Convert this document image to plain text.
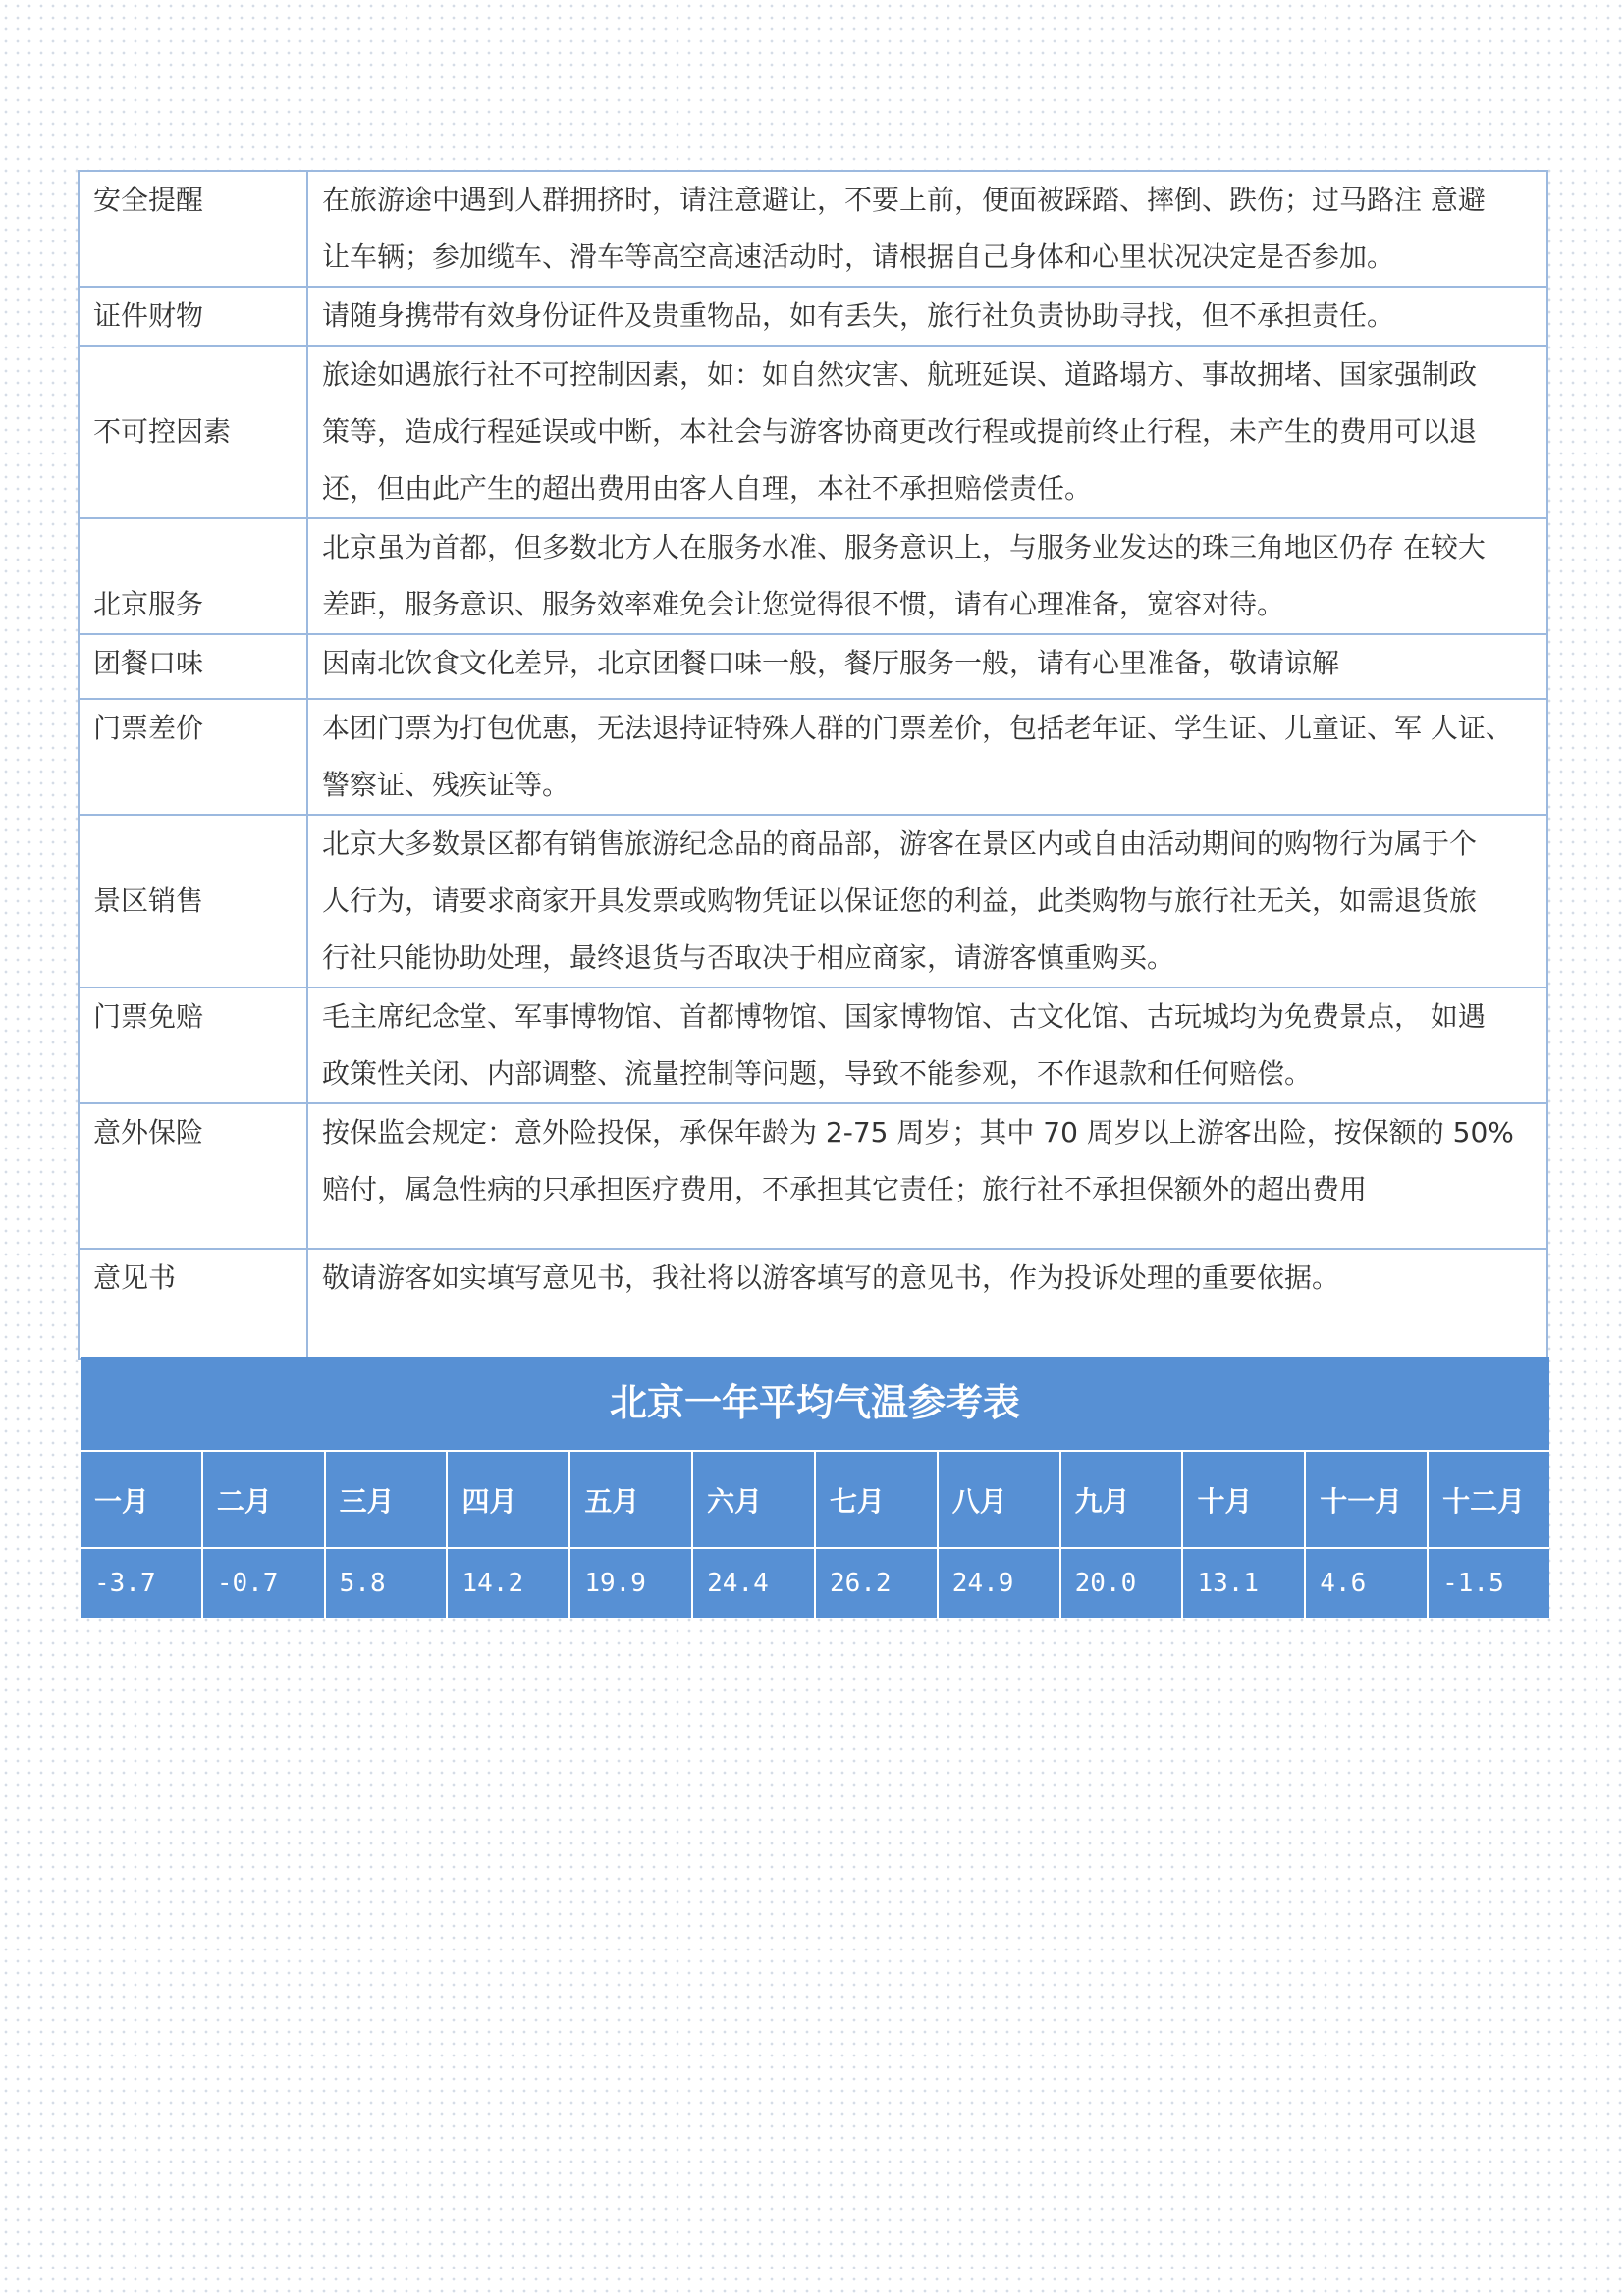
安全提醒	在旅游途中遇到人群拥挤时，请注意避让，不要上前，便面被踩踏、摔倒、跌伤；过马路注 意避
让车辆；参加缆车、滑车等高空高速活动时，请根据自己身体和心里状况决定是否参加。

证件财物	请随身携带有效身份证件及贵重物品，如有丢失，旅行社负责协助寻找，但不承担责任。

不可控因素	旅途如遇旅行社不可控制因素，如：如自然灾害、航班延误、道路塌方、事故拥堵、国家强制政
策等，造成行程延误或中断，本社会与游客协商更改行程或提前终止行程，未产生的费用可以退
还，但由此产生的超出费用由客人自理，本社不承担赔偿责任。

北京服务	北京虽为首都，但多数北方人在服务水准、服务意识上，与服务业发达的珠三角地区仍存 在较大
差距，服务意识、服务效率难免会让您觉得很不惯，请有心理准备，宽容对待。

团餐口味	因南北饮食文化差异，北京团餐口味一般，餐厅服务一般，请有心里准备，敬请谅解

门票差价	本团门票为打包优惠，无法退持证特殊人群的门票差价，包括老年证、学生证、儿童证、军 人证、
警察证、残疾证等。

景区销售	北京大多数景区都有销售旅游纪念品的商品部，游客在景区内或自由活动期间的购物行为属于个
人行为，请要求商家开具发票或购物凭证以保证您的利益，此类购物与旅行社无关，如需退货旅
行社只能协助处理，最终退货与否取决于相应商家，请游客慎重购买。

门票免赔	毛主席纪念堂、军事博物馆、首都博物馆、国家博物馆、古文化馆、古玩城均为免费景点， 如遇
政策性关闭、内部调整、流量控制等问题，导致不能参观，不作退款和任何赔偿。

意外保险	按保监会规定：意外险投保，承保年龄为 2-75 周岁；其中 70 周岁以上游客出险，按保额的 50%
赔付，属急性病的只承担医疗费用，不承担其它责任；旅行社不承担保额外的超出费用

意见书	敬请游客如实填写意见书，我社将以游客填写的意见书，作为投诉处理的重要依据。
北京一年平均气温参考表
一月	二月	三月	四月	五月	六月	七月	八月	九月	十月	十一月	十二月
-3.7	-0.7	5.8	14.2	19.9	24.4	26.2	24.9	20.0	13.1	4.6	-1.5
